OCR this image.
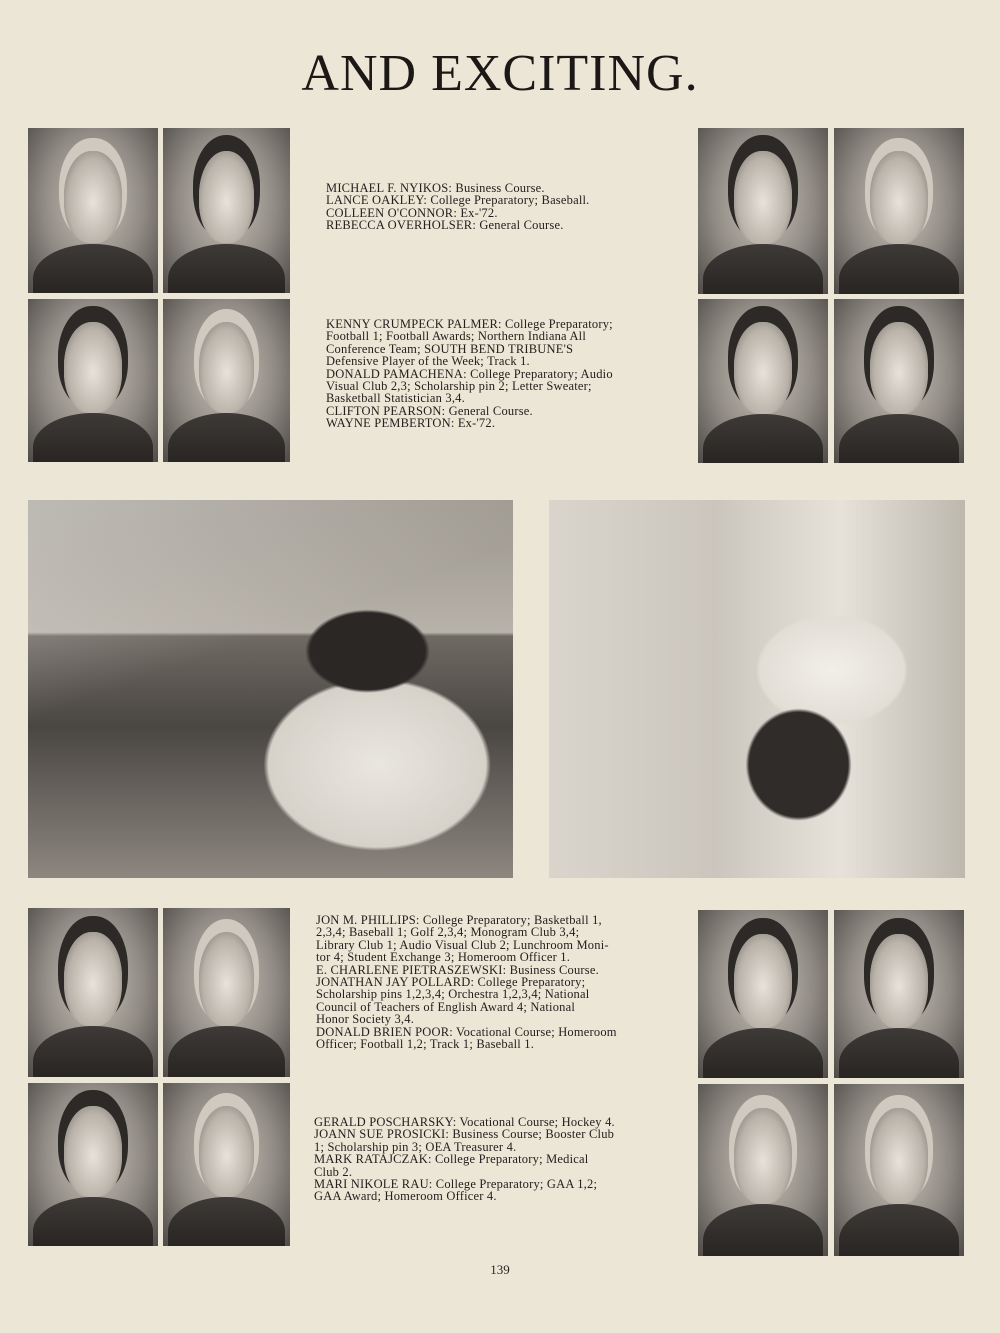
AND EXCITING.
MICHAEL F. NYIKOS: Business Course.
LANCE OAKLEY: College Preparatory; Baseball.
COLLEEN O'CONNOR: Ex-'72.
REBECCA OVERHOLSER: General Course.
KENNY CRUMPECK PALMER: College Preparatory;
Football 1; Football Awards; Northern Indiana All
Conference Team; SOUTH BEND TRIBUNE'S
Defensive Player of the Week; Track 1.
DONALD PAMACHENA: College Preparatory; Audio
Visual Club 2,3; Scholarship pin 2; Letter Sweater;
Basketball Statistician 3,4.
CLIFTON PEARSON: General Course.
WAYNE PEMBERTON: Ex-'72.
JON M. PHILLIPS: College Preparatory; Basketball 1,
2,3,4; Baseball 1; Golf 2,3,4; Monogram Club 3,4;
Library Club 1; Audio Visual Club 2; Lunchroom Moni-
tor 4; Student Exchange 3; Homeroom Officer 1.
E. CHARLENE PIETRASZEWSKI: Business Course.
JONATHAN JAY POLLARD: College Preparatory;
Scholarship pins 1,2,3,4; Orchestra 1,2,3,4; National
Council of Teachers of English Award 4; National
Honor Society 3,4.
DONALD BRIEN POOR: Vocational Course; Homeroom
Officer; Football 1,2; Track 1; Baseball 1.
GERALD POSCHARSKY: Vocational Course; Hockey 4.
JOANN SUE PROSICKI: Business Course; Booster Club
1; Scholarship pin 3; OEA Treasurer 4.
MARK RATAJCZAK: College Preparatory; Medical
Club 2.
MARI NIKOLE RAU: College Preparatory; GAA 1,2;
GAA Award; Homeroom Officer 4.
139
